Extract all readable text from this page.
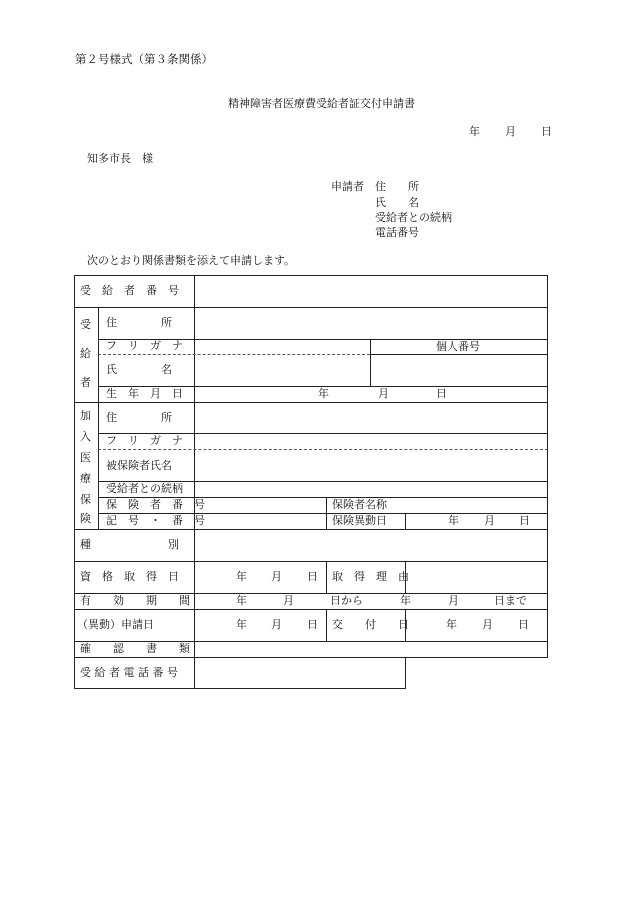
第２号様式（第３条関係）
精神障害者医療費受給者証交付申請書
年 月 日
知多市長　様
申請者 住　　所
氏　　名
受給者との続柄
電話番号
次のとおり関係書類を添えて申請します。
受　給　者　番　号
受
給
者
住　　　　所
フ　リ　ガ　ナ	個人番号
氏　　　　名
生　年　月　日	年	月	日
加
入
医
療
保
険
住　　　　所
フ　リ　ガ　ナ
被保険者氏名
受給者との続柄
保　険　者　番　号	保険者名称
記　号　・　番　号	保険異動日	年 月 日
種　　　　　　　別
資　格　取　得　日	年 月 日 取　得　理　由
有　　効　　期　　間	年	月	日から	年	月	日まで
（異動）申請日	年 月 日 交　　付　　日	年 月 日
確　　認　　書　　類
受 給 者 電 話 番 号
